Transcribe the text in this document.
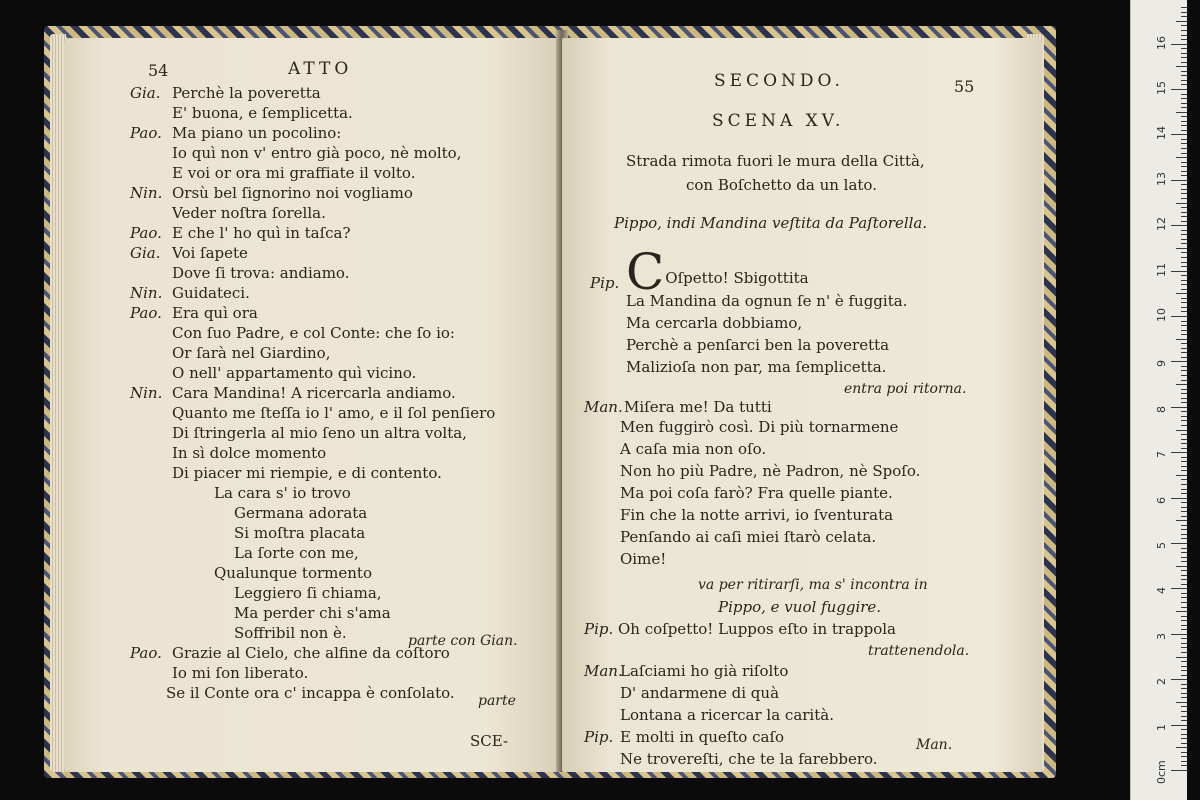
54	ATTO
Gia. Perchè la poveretta
E' buona, e ſemplicetta.
Pao. Ma piano un pocolino:
Io quì non v' entro già poco, nè molto,
E voi or ora mi graffiate il volto.
Nin. Orsù bel ſignorino noi vogliamo
Veder noſtra ſorella.
Pao. E che l' ho quì in taſca?
Gia. Voi ſapete
Dove ſi trova: andiamo.
Nin. Guidateci.
Pao. Era quì ora
Con ſuo Padre, e col Conte: che ſo io:
Or ſarà nel Giardino,
O nell' appartamento quì vicino.
Nin. Cara Mandina! A ricercarla andiamo.
Quanto me ſteſſa io l' amo, e il ſol penſiero
Di ſtringerla al mio ſeno un altra volta,
In sì dolce momento
Di piacer mi riempie, e di contento.
La cara s' io trovo
Germana adorata
Si moſtra placata
La ſorte con me,
Qualunque tormento
Leggiero ſi chiama,
Ma perder chi s'ama
Soffribil non è.
Pao. Grazie al Cielo, che alfine da coſtoro
Io mi ſon liberato.
Se il Conte ora c' incappa è conſolato.
parte con Gian.
parte
SCE-
SECONDO.	55
SCENA XV.
Strada rimota fuori le mura della Città,
con Boſchetto da un lato.
Pippo, indi Mandina veſtita da Paſtorella.
COſpetto! Sbigottita
Pip.
La Mandina da ognun ſe n' è fuggita.
Ma cercarla dobbiamo,
Perchè a penſarci ben la poveretta
Malizioſa non par, ma ſemplicetta.
entra poi ritorna.
Man. Miſera me! Da tutti
Men fuggirò così. Di più tornarmene
A caſa mia non oſo.
Non ho più Padre, nè Padron, nè Spoſo.
Ma poi coſa farò? Fra quelle piante.
Fin che la notte arrivi, io ſventurata
Penſando ai caſi miei ſtarò celata.
Oime!
va per ritirarſi, ma s' incontra in
Pippo, e vuol fuggire.
Pip. Oh coſpetto! Luppos eſto in trappola
trattenendola.
Man.
Laſciami ho già riſolto
D' andarmene di quà
Lontana a ricercar la carità.
Pip. E molti in queſto caſo
Ne trovereſti, che te la farebbero.
Man.
0cm
1
2
3
4
5
6
7
8
9
10
11
12
13
14
15
16
